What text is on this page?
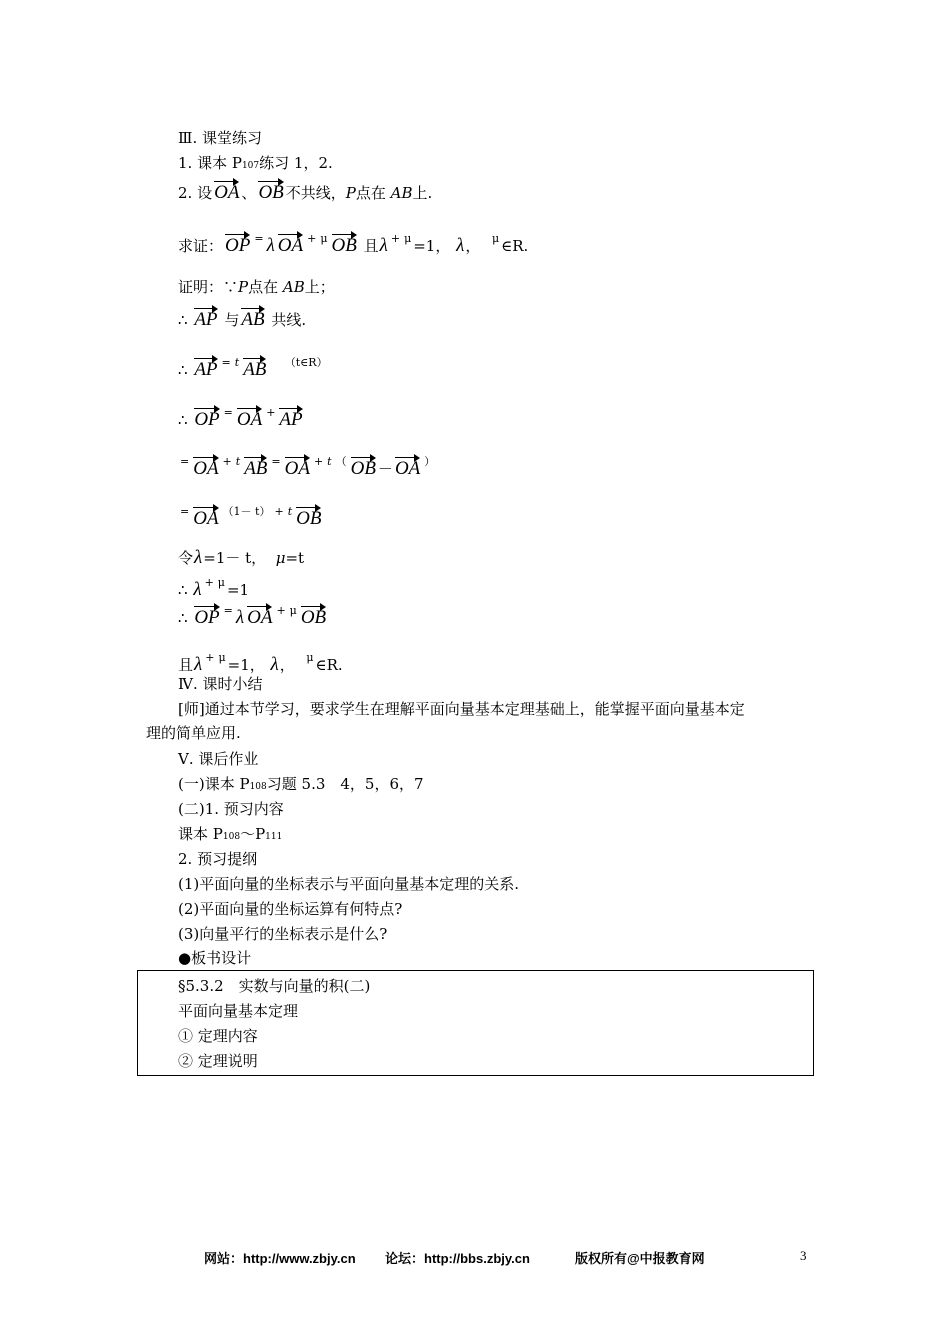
Ⅲ. 课堂练习
1. 课本 P107练习 1，2.
2. 设 OA 、 OB 不共线，P点在 AB上.
求证： OP = λ OA + $^\mu$ OB 且λ + $^\mu$ =1， λ， $^\mu$ ∈R.
证明：∵P点在 AB上；
∴ AP 与 AB 共线.
∴ AP = $^t$ AB $^{(t\in R)}$
∴ OP = OA + AP
= OA + $^t$ AB = OA + $^t$ （ OB － OA ）
= OA $^{(1- t)}$ + $^t$ OB
令λ=1－ t， μ=t
∴ λ + $^\mu$ =1
∴ OP = λ OA + $^\mu$ OB
且λ + $^\mu$ =1， λ， $^\mu$ ∈R.
Ⅳ. 课时小结
[师]通过本节学习，要求学生在理解平面向量基本定理基础上，能掌握平面向量基本定
理的简单应用.
Ⅴ. 课后作业
(一)课本 P108习题 5.3　4，5，6，7
(二)1. 预习内容
课本 P108～P111
2. 预习提纲
(1)平面向量的坐标表示与平面向量基本定理的关系.
(2)平面向量的坐标运算有何特点?
(3)向量平行的坐标表示是什么?
●板书设计
§5.3.2　实数与向量的积(二)
平面向量基本定理
① 定理内容
② 定理说明
网站：http://www.zbjy.cn 论坛：http://bbs.zbjy.cn	版权所有@中报教育网	3
